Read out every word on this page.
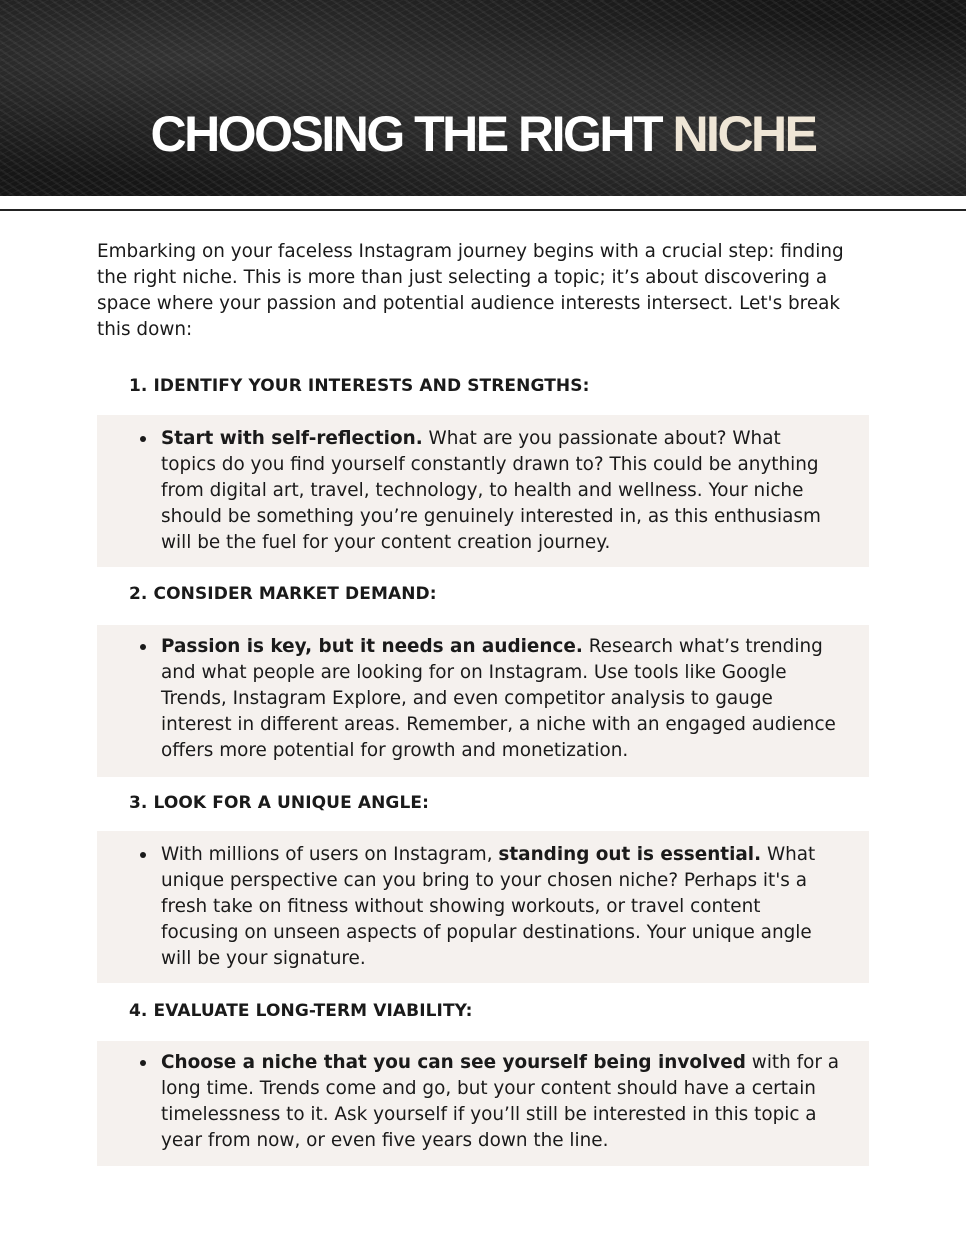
CHOOSING THE RIGHT NICHE

Embarking on your faceless Instagram journey begins with a crucial step: finding the right niche. This is more than just selecting a topic; it’s about discovering a space where your passion and potential audience interests intersect. Let's break this down:

1. IDENTIFY YOUR INTERESTS AND STRENGTHS:
Start with self-reflection. What are you passionate about? What topics do you find yourself constantly drawn to? This could be anything from digital art, travel, technology, to health and wellness. Your niche should be something you’re genuinely interested in, as this enthusiasm will be the fuel for your content creation journey.
2. CONSIDER MARKET DEMAND:
Passion is key, but it needs an audience. Research what’s trending and what people are looking for on Instagram. Use tools like Google Trends, Instagram Explore, and even competitor analysis to gauge interest in different areas. Remember, a niche with an engaged audience offers more potential for growth and monetization.
3. LOOK FOR A UNIQUE ANGLE:
With millions of users on Instagram, standing out is essential. What unique perspective can you bring to your chosen niche? Perhaps it's a fresh take on fitness without showing workouts, or travel content focusing on unseen aspects of popular destinations. Your unique angle will be your signature.
4. EVALUATE LONG-TERM VIABILITY:
Choose a niche that you can see yourself being involved with for a long time. Trends come and go, but your content should have a certain timelessness to it. Ask yourself if you’ll still be interested in this topic a year from now, or even five years down the line.
